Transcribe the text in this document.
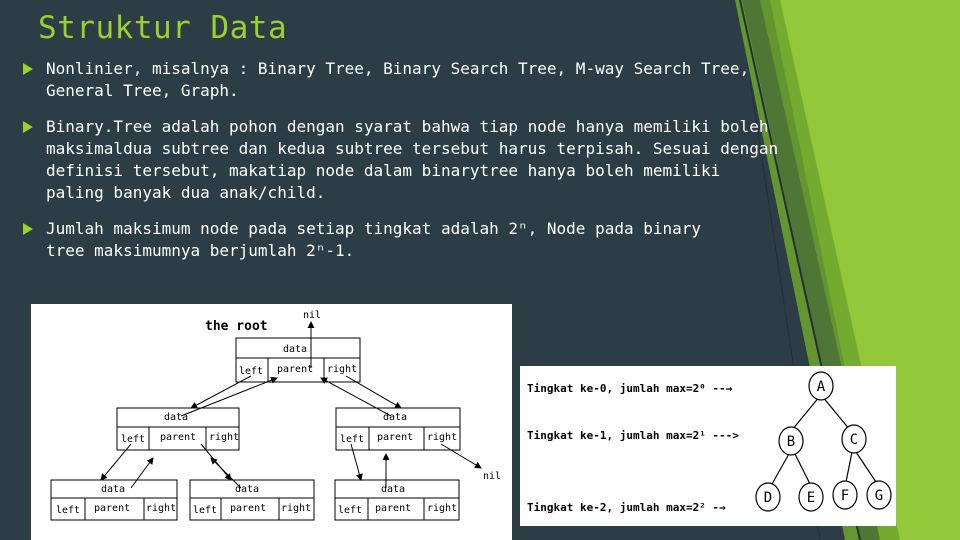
Struktur Data
Nonlinier, misalnya : Binary Tree, Binary Search Tree, M-way Search Tree, General Tree, Graph.
Binary.Tree adalah pohon dengan syarat bahwa tiap node hanya memiliki boleh maksimaldua subtree dan kedua subtree tersebut harus terpisah. Sesuai dengan definisi tersebut, makatiap node dalam binarytree hanya boleh memiliki paling banyak dua anak/child.
Jumlah maksimum node pada setiap tingkat adalah 2ⁿ, Node pada binary     tree maksimumnya berjumlah 2ⁿ-1.
the root
nil
nil
data
left parent right
data
left parent right
data
left parent right
data
left parent right
data
left parent right
data
left parent right
Tingkat ke-0, jumlah max=2⁰ --→
Tingkat ke-1, jumlah max=2¹ --->
Tingkat ke-2, jumlah max=2² -→
A
B	C
D E F G
